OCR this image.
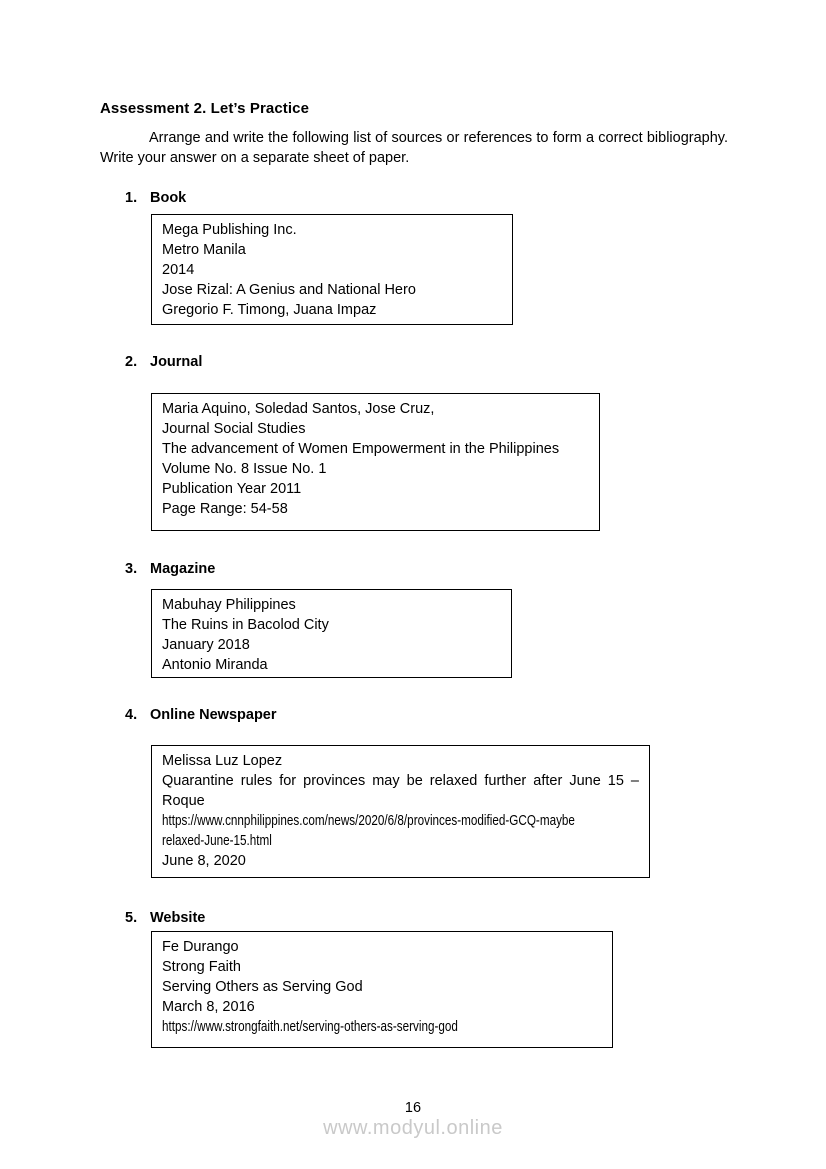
Assessment 2. Let’s Practice

Arrange and write the following list of sources or references to form a correct bibliography. Write your answer on a separate sheet of paper.

1. Book
Mega Publishing Inc.
Metro Manila
2014
Jose Rizal: A Genius and National Hero
Gregorio F. Timong, Juana Impaz
2. Journal
Maria Aquino, Soledad Santos, Jose Cruz,
Journal Social Studies
The advancement of Women Empowerment in the Philippines
Volume No. 8 Issue No. 1
Publication Year 2011
Page Range: 54-58
3. Magazine
Mabuhay Philippines
The Ruins in Bacolod City
January 2018
Antonio Miranda
4. Online Newspaper
Melissa Luz Lopez
Quarantine rules for provinces may be relaxed further after June 15 –
Roque
https://www.cnnphilippines.com/news/2020/6/8/provinces-modified-GCQ-maybe
relaxed-June-15.html
June 8, 2020
5. Website
Fe Durango
Strong Faith
Serving Others as Serving God
March 8, 2016
https://www.strongfaith.net/serving-others-as-serving-god
16
www.modyul.online
